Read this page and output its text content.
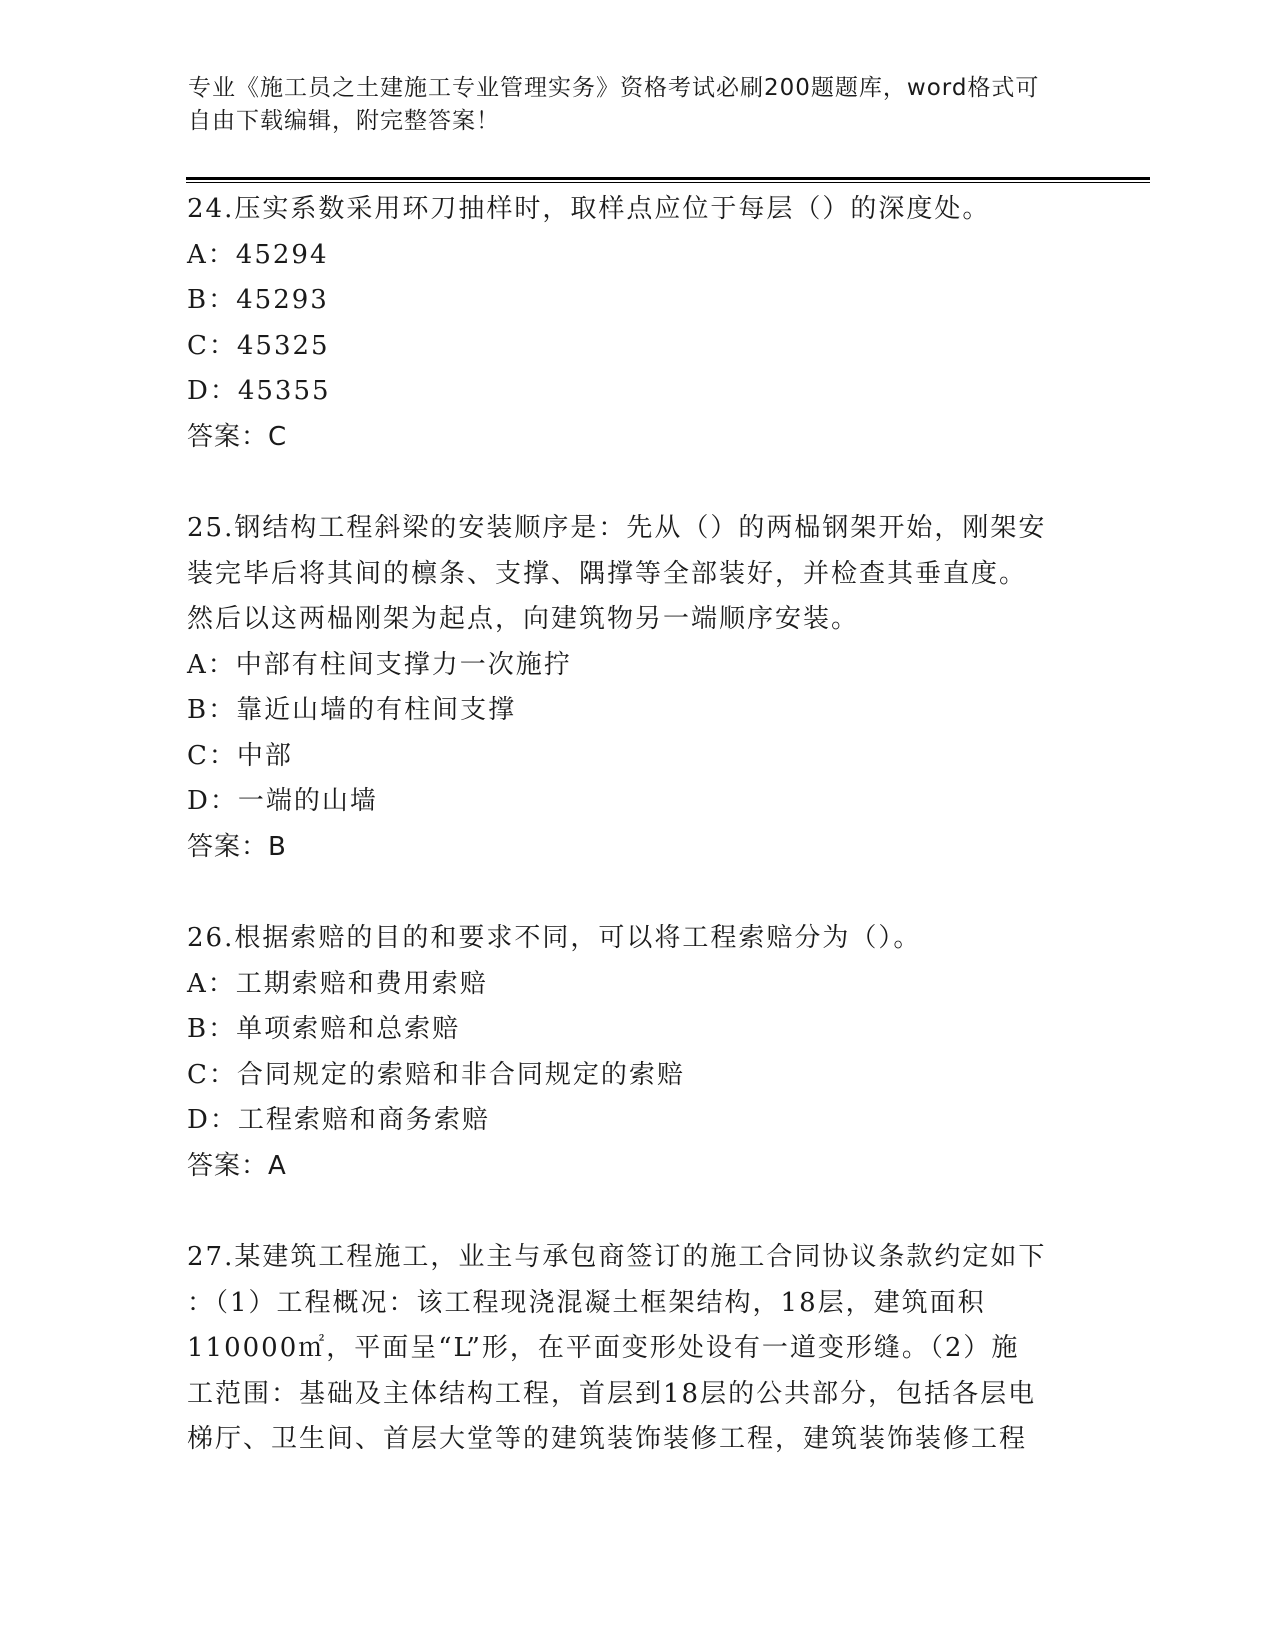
专业《施工员之土建施工专业管理实务》资格考试必刷200题题库，word格式可
自由下载编辑，附完整答案！
24.压实系数采用环刀抽样时，取样点应位于每层（）的深度处。
A：45294
B：45293
C：45325
D：45355
答案：C
25.钢结构工程斜梁的安装顺序是：先从（）的两榀钢架开始，刚架安
装完毕后将其间的檩条、支撑、隅撑等全部装好，并检查其垂直度。
然后以这两榀刚架为起点，向建筑物另一端顺序安装。
A：中部有柱间支撑力一次施拧
B：靠近山墙的有柱间支撑
C：中部
D：一端的山墙
答案：B
26.根据索赔的目的和要求不同，可以将工程索赔分为（）。
A：工期索赔和费用索赔
B：单项索赔和总索赔
C：合同规定的索赔和非合同规定的索赔
D：工程索赔和商务索赔
答案：A
27.某建筑工程施工，业主与承包商签订的施工合同协议条款约定如下
：（1）工程概况：该工程现浇混凝土框架结构，18层，建筑面积
110000㎡，平面呈“L”形，在平面变形处设有一道变形缝。（2）施
工范围：基础及主体结构工程，首层到18层的公共部分，包括各层电
梯厅、卫生间、首层大堂等的建筑装饰装修工程，建筑装饰装修工程
